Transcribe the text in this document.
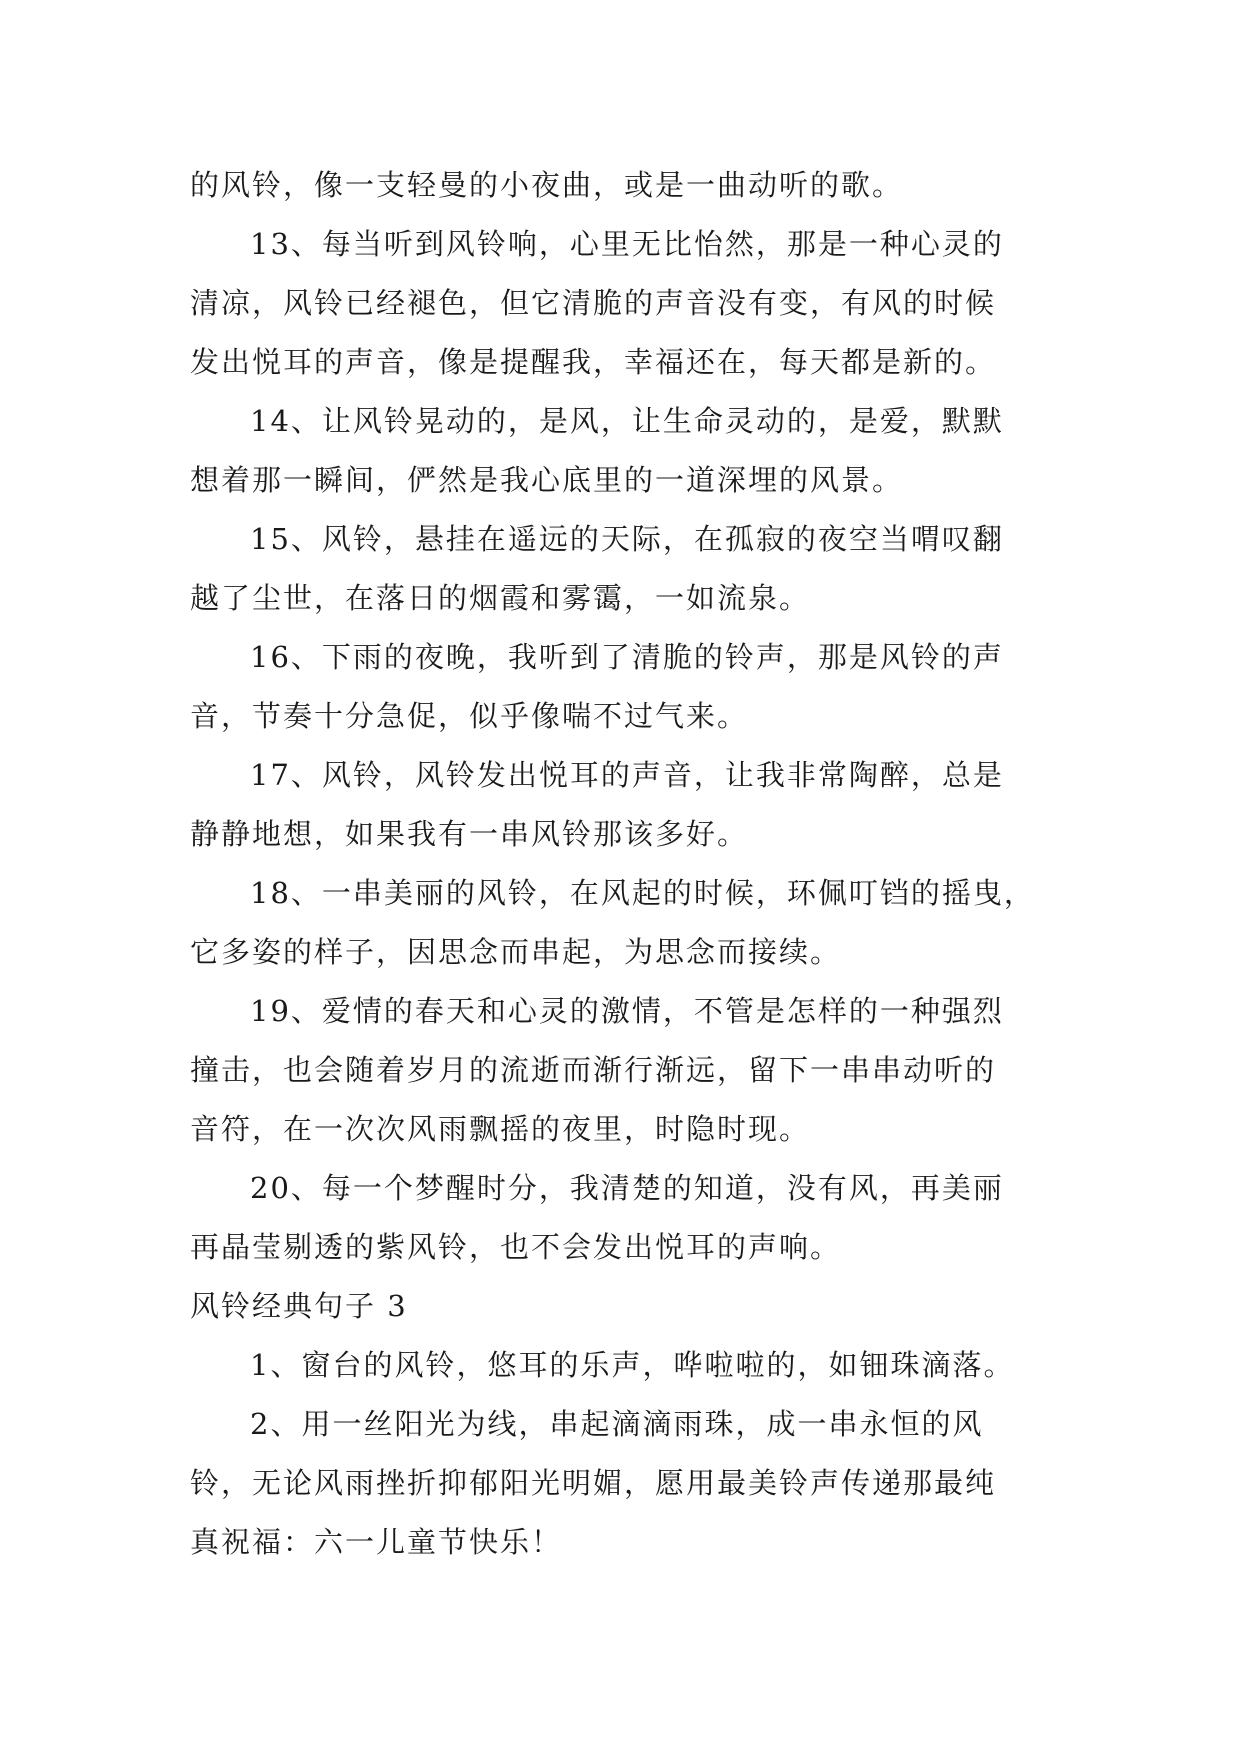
的风铃，像一支轻曼的小夜曲，或是一曲动听的歌。
13、每当听到风铃响，心里无比怡然，那是一种心灵的
清凉，风铃已经褪色，但它清脆的声音没有变，有风的时候
发出悦耳的声音，像是提醒我，幸福还在，每天都是新的。
14、让风铃晃动的，是风，让生命灵动的，是爱，默默
想着那一瞬间，俨然是我心底里的一道深埋的风景。
15、风铃，悬挂在遥远的天际，在孤寂的夜空当喟叹翻
越了尘世，在落日的烟霞和雾霭，一如流泉。
16、下雨的夜晚，我听到了清脆的铃声，那是风铃的声
音，节奏十分急促，似乎像喘不过气来。
17、风铃，风铃发出悦耳的声音，让我非常陶醉，总是
静静地想，如果我有一串风铃那该多好。
18、一串美丽的风铃，在风起的时候，环佩叮铛的摇曳，
它多姿的样子，因思念而串起，为思念而接续。
19、爱情的春天和心灵的激情，不管是怎样的一种强烈
撞击，也会随着岁月的流逝而渐行渐远，留下一串串动听的
音符，在一次次风雨飘摇的夜里，时隐时现。
20、每一个梦醒时分，我清楚的知道，没有风，再美丽
再晶莹剔透的紫风铃，也不会发出悦耳的声响。
风铃经典句子 3
1、窗台的风铃，悠耳的乐声，哗啦啦的，如钿珠滴落。
2、用一丝阳光为线，串起滴滴雨珠，成一串永恒的风
铃，无论风雨挫折抑郁阳光明媚，愿用最美铃声传递那最纯
真祝福：六一儿童节快乐！
